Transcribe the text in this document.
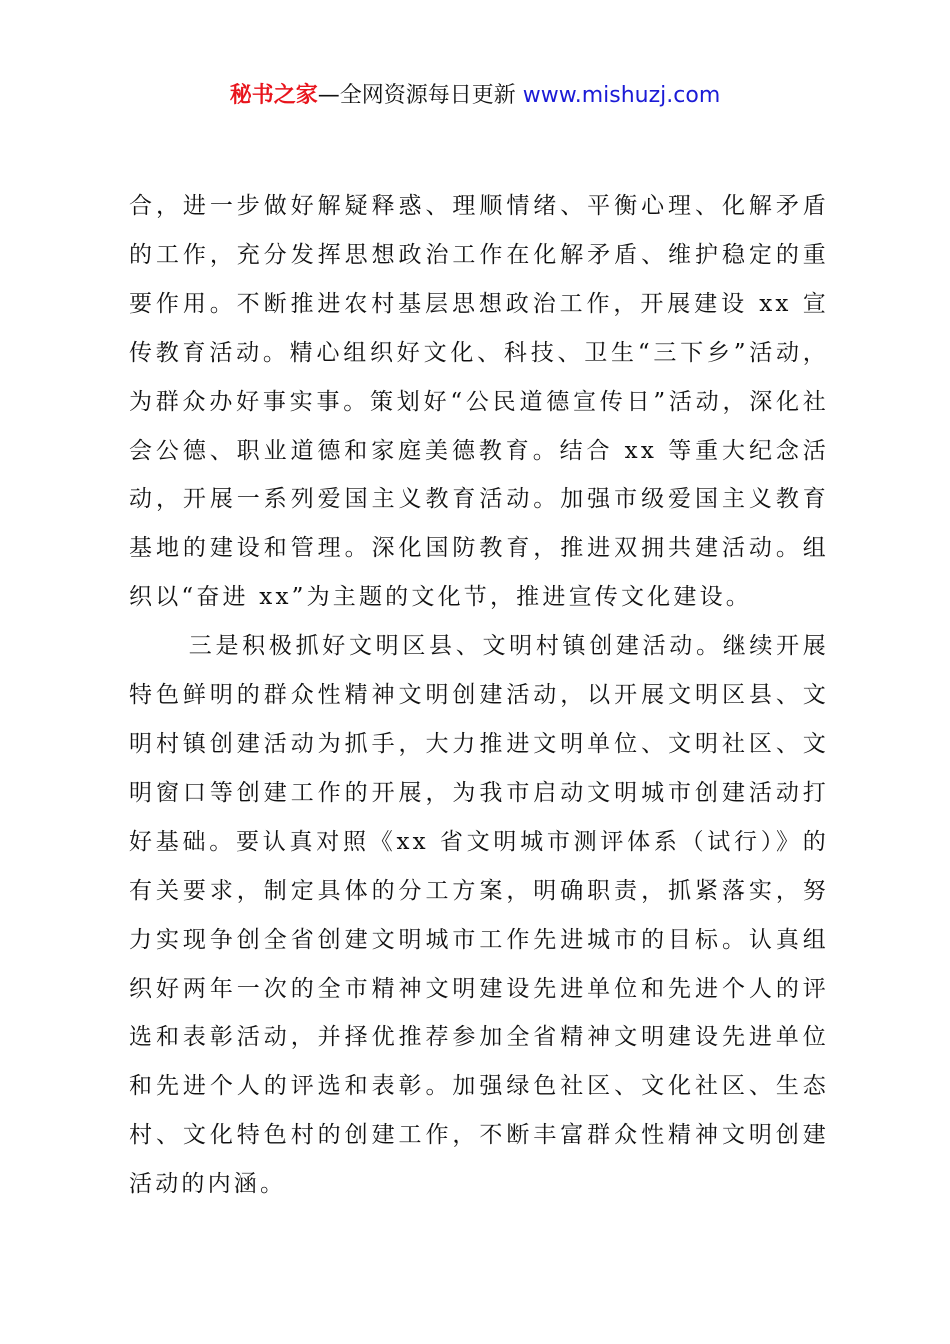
秘书之家—全网资源每日更新 www.mishuzj.com

合，进一步做好解疑释惑、理顺情绪、平衡心理、化解矛盾的工作，充分发挥思想政治工作在化解矛盾、维护稳定的重要作用。不断推进农村基层思想政治工作，开展建设 xx 宣传教育活动。精心组织好文化、科技、卫生“三下乡”活动，为群众办好事实事。策划好“公民道德宣传日”活动，深化社会公德、职业道德和家庭美德教育。结合 xx 等重大纪念活动，开展一系列爱国主义教育活动。加强市级爱国主义教育基地的建设和管理。深化国防教育，推进双拥共建活动。组织以“奋进 xx”为主题的文化节，推进宣传文化建设。

三是积极抓好文明区县、文明村镇创建活动。继续开展特色鲜明的群众性精神文明创建活动，以开展文明区县、文明村镇创建活动为抓手，大力推进文明单位、文明社区、文明窗口等创建工作的开展，为我市启动文明城市创建活动打好基础。要认真对照《xx 省文明城市测评体系（试行）》的有关要求，制定具体的分工方案，明确职责，抓紧落实，努力实现争创全省创建文明城市工作先进城市的目标。认真组织好两年一次的全市精神文明建设先进单位和先进个人的评选和表彰活动，并择优推荐参加全省精神文明建设先进单位和先进个人的评选和表彰。加强绿色社区、文化社区、生态村、文化特色村的创建工作，不断丰富群众性精神文明创建活动的内涵。
